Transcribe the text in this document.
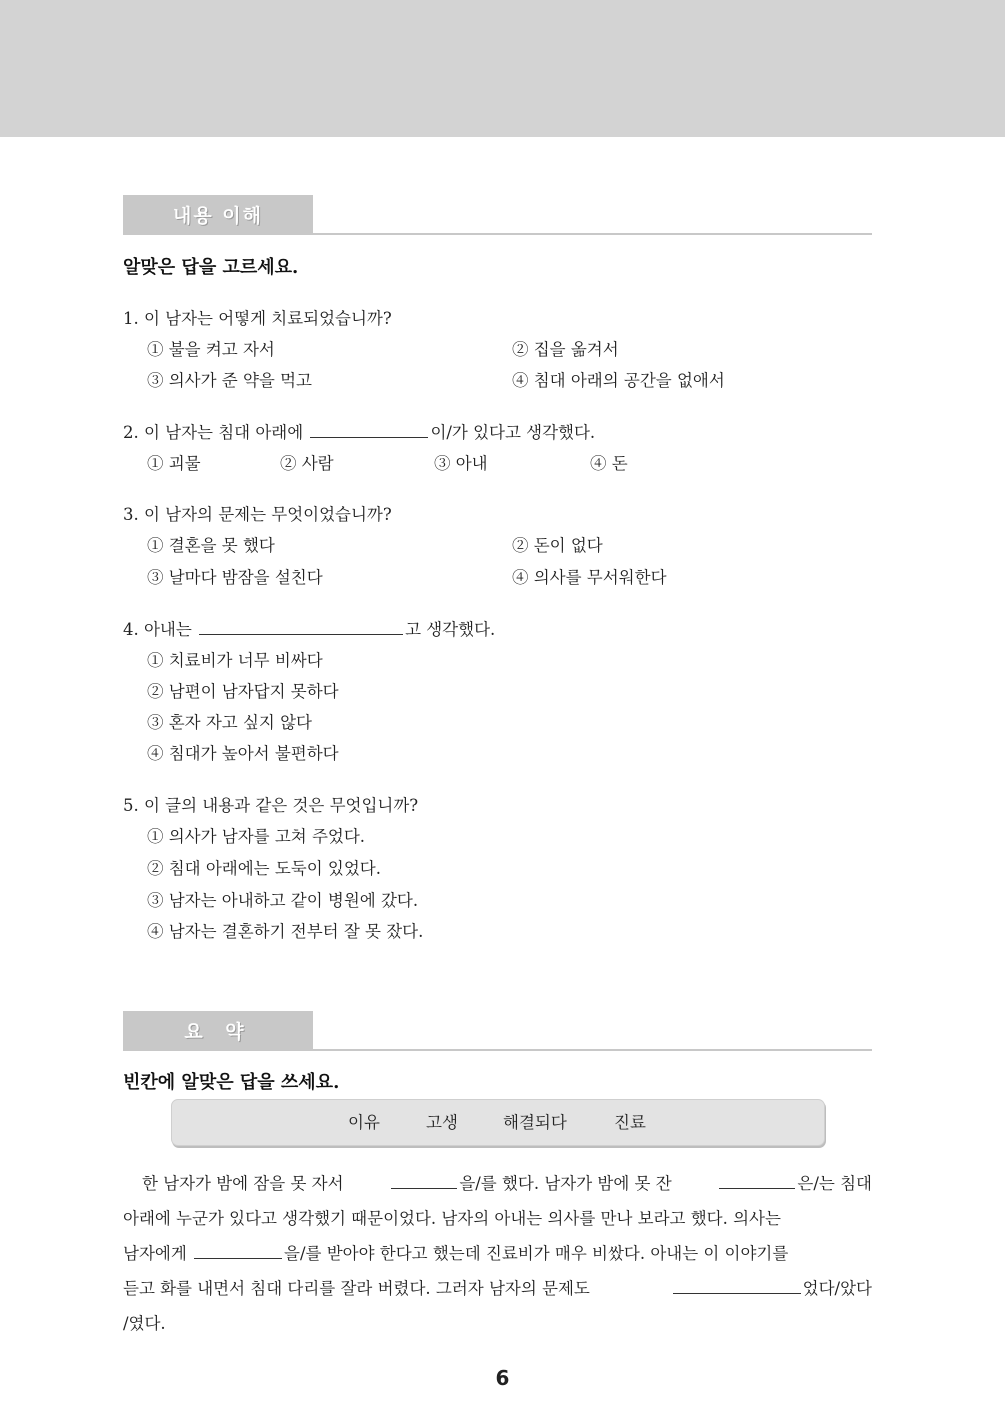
내용 이해
알맞은 답을 고르세요.
1. 이 남자는 어떻게 치료되었습니까?
① 불을 켜고 자서	② 집을 옮겨서
③ 의사가 준 약을 먹고	④ 침대 아래의 공간을 없애서
2. 이 남자는 침대 아래에	이/가 있다고 생각했다.
① 괴물	② 사람	③ 아내	④ 돈
3. 이 남자의 문제는 무엇이었습니까?
① 결혼을 못 했다	② 돈이 없다
③ 날마다 밤잠을 설친다	④ 의사를 무서워한다
4. 아내는	고 생각했다.
① 치료비가 너무 비싸다
② 남편이 남자답지 못하다
③ 혼자 자고 싶지 않다
④ 침대가 높아서 불편하다
5. 이 글의 내용과 같은 것은 무엇입니까?
① 의사가 남자를 고쳐 주었다.
② 침대 아래에는 도둑이 있었다.
③ 남자는 아내하고 같이 병원에 갔다.
④ 남자는 결혼하기 전부터 잘 못 잤다.
요 약
빈칸에 알맞은 답을 쓰세요.
이유	고생	해결되다	진료
한 남자가 밤에 잠을 못 자서	을/를 했다. 남자가 밤에 못 잔	은/는 침대
아래에 누군가 있다고 생각했기 때문이었다. 남자의 아내는 의사를 만나 보라고 했다. 의사는
남자에게	을/를 받아야 한다고 했는데 진료비가 매우 비쌌다. 아내는 이 이야기를
듣고 화를 내면서 침대 다리를 잘라 버렸다. 그러자 남자의 문제도	었다/았다
/였다.
6
